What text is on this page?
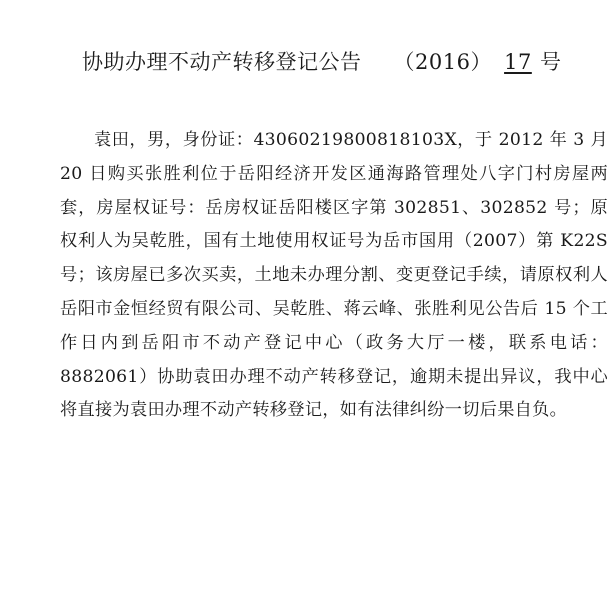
协助办理不动产转移登记公告 （2016） 17 号
袁田，男，身份证：43060219800818103X，于 2012 年 3 月 20 日购买张胜利位于岳阳经济开发区通海路管理处八字门村房屋两套，房屋权证号：岳房权证岳阳楼区字第 302851、302852 号；原权利人为吴乾胜，国有土地使用权证号为岳市国用（2007）第 K22S 号；该房屋已多次买卖，土地未办理分割、变更登记手续，请原权利人岳阳市金恒经贸有限公司、吴乾胜、蒋云峰、张胜利见公告后 15 个工作日内到岳阳市不动产登记中心（政务大厅一楼，联系电话：8882061）协助袁田办理不动产转移登记，逾期未提出异议，我中心将直接为袁田办理不动产转移登记，如有法律纠纷一切后果自负。
